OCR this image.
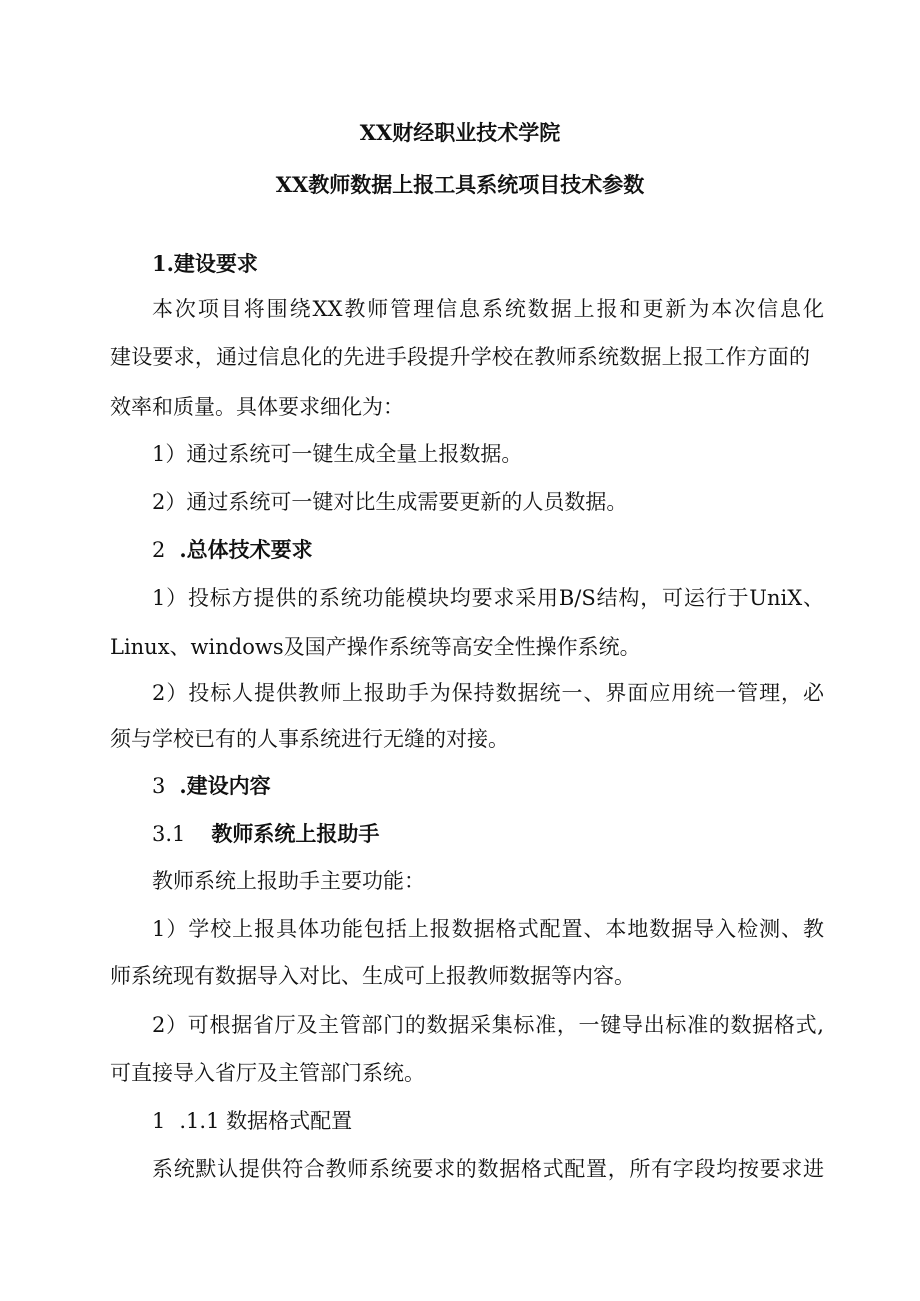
XX财经职业技术学院
XX教师数据上报工具系统项目技术参数
1.建设要求
本次项目将围绕XX教师管理信息系统数据上报和更新为本次信息化
建设要求，通过信息化的先进手段提升学校在教师系统数据上报工作方面的
效率和质量。具体要求细化为：
1）通过系统可一键生成全量上报数据。
2）通过系统可一键对比生成需要更新的人员数据。
2 .总体技术要求
1）投标方提供的系统功能模块均要求采用B/S结构，可运行于UniX、
Linux、windows及国产操作系统等高安全性操作系统。
2）投标人提供教师上报助手为保持数据统一、界面应用统一管理，必
须与学校已有的人事系统进行无缝的对接。
3 .建设内容
3.1 教师系统上报助手
教师系统上报助手主要功能：
1）学校上报具体功能包括上报数据格式配置、本地数据导入检测、教
师系统现有数据导入对比、生成可上报教师数据等内容。
2）可根据省厅及主管部门的数据采集标准，一键导出标准的数据格式,
可直接导入省厅及主管部门系统。
1 .1.1 数据格式配置
系统默认提供符合教师系统要求的数据格式配置，所有字段均按要求进
